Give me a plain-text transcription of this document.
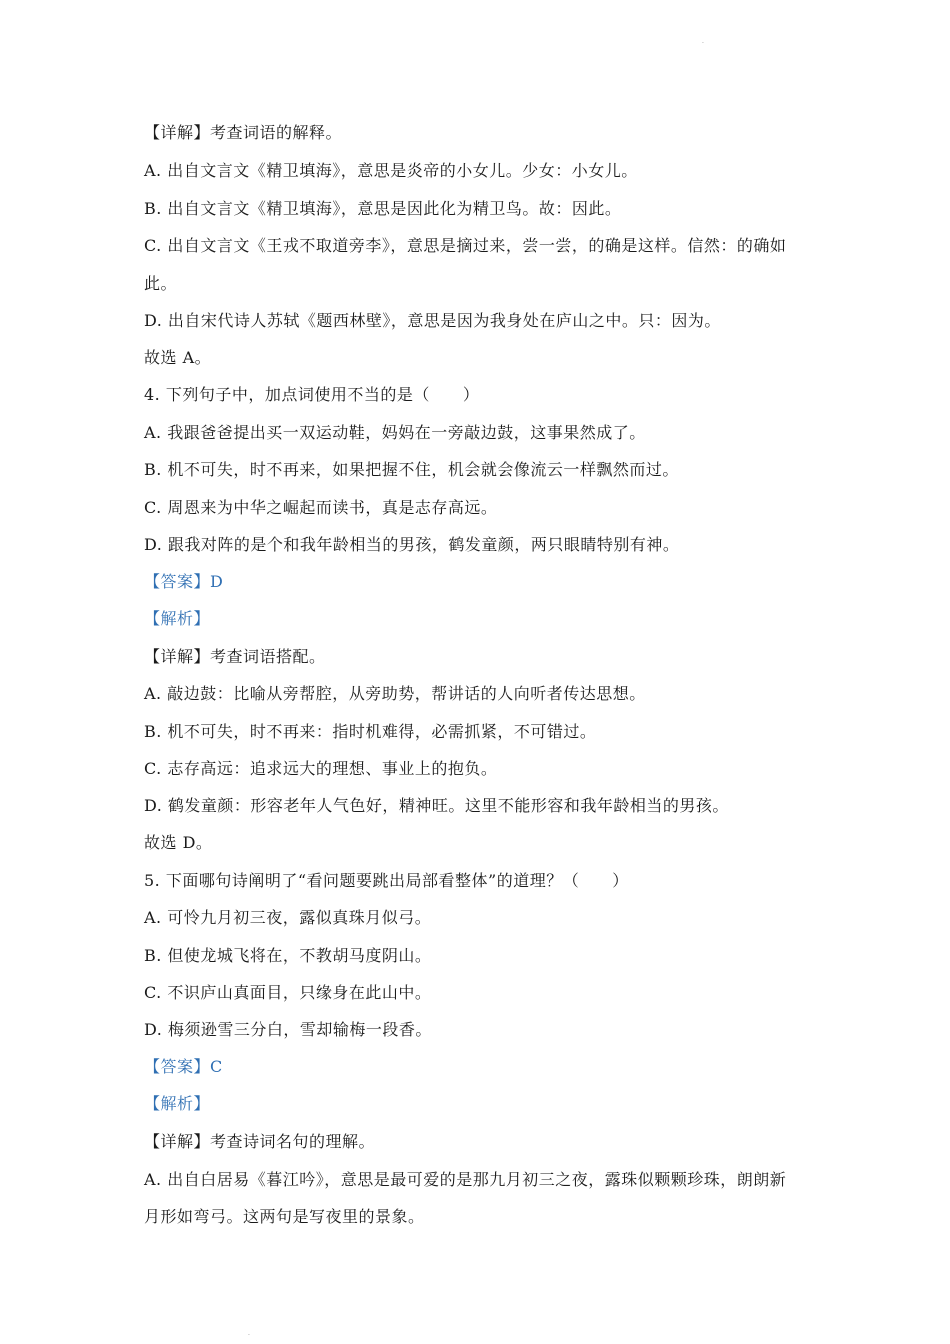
.
【详解】考查词语的解释。
A. 出自文言文《精卫填海》，意思是炎帝的小女儿。少女：小女儿。
B. 出自文言文《精卫填海》，意思是因此化为精卫鸟。故：因此。
C. 出自文言文《王戎不取道旁李》，意思是摘过来，尝一尝，的确是这样。信然：的确如
此。
D. 出自宋代诗人苏轼《题西林壁》，意思是因为我身处在庐山之中。只：因为。
故选 A。
4. 下列句子中，加点词使用不当的是（　　）
A. 我跟爸爸提出买一双运动鞋，妈妈在一旁敲边鼓，这事果然成了。
B. 机不可失，时不再来，如果把握不住，机会就会像流云一样飘然而过。
C. 周恩来为中华之崛起而读书，真是志存高远。
D. 跟我对阵的是个和我年龄相当的男孩，鹤发童颜，两只眼睛特别有神。
【答案】D
【解析】
【详解】考查词语搭配。
A. 敲边鼓：比喻从旁帮腔，从旁助势，帮讲话的人向听者传达思想。
B. 机不可失，时不再来：指时机难得，必需抓紧，不可错过。
C. 志存高远：追求远大的理想、事业上的抱负。
D. 鹤发童颜：形容老年人气色好，精神旺。这里不能形容和我年龄相当的男孩。
故选 D。
5. 下面哪句诗阐明了“看问题要跳出局部看整体”的道理？（　　）
A. 可怜九月初三夜，露似真珠月似弓。
B. 但使龙城飞将在，不教胡马度阴山。
C. 不识庐山真面目，只缘身在此山中。
D. 梅须逊雪三分白，雪却输梅一段香。
【答案】C
【解析】
【详解】考查诗词名句的理解。
A. 出自白居易《暮江吟》，意思是最可爱的是那九月初三之夜，露珠似颗颗珍珠，朗朗新
月形如弯弓。这两句是写夜里的景象。
.
